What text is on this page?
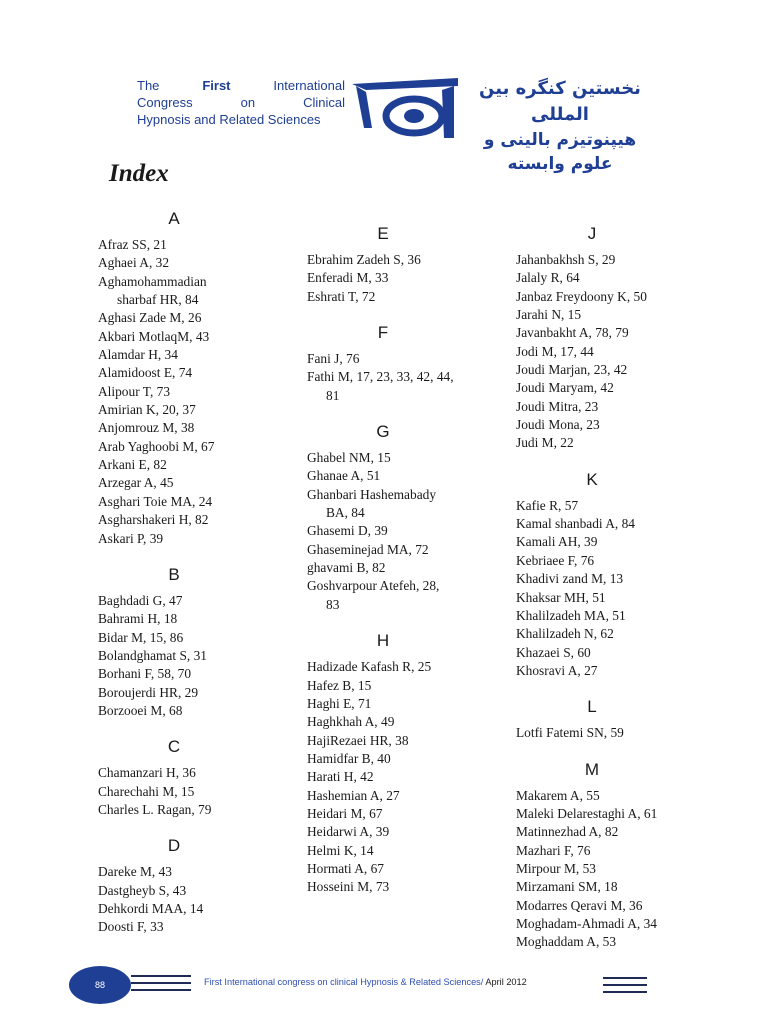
The	First	International
Congress	on	Clinical
Hypnosis and Related Sciences
نخستین کنگره بین المللی
هیپنوتیزم بالینی و علوم وابسته
Index
A
Afraz SS, 21
Aghaei A, 32
Aghamohammadian
sharbaf HR, 84
Aghasi Zade M, 26
Akbari MotlaqM, 43
Alamdar H, 34
Alamidoost E, 74
Alipour T, 73
Amirian K, 20, 37
Anjomrouz M, 38
Arab Yaghoobi M, 67
Arkani E, 82
Arzegar A, 45
Asghari Toie MA, 24
Asgharshakeri H, 82
Askari P, 39
B
Baghdadi G, 47
Bahrami H, 18
Bidar M, 15, 86
Bolandghamat S, 31
Borhani F, 58, 70
Boroujerdi HR, 29
Borzooei M, 68
C
Chamanzari H, 36
Charechahi M, 15
Charles L. Ragan, 79
D
Dareke M, 43
Dastgheyb S, 43
Dehkordi MAA, 14
Doosti F, 33
E
Ebrahim Zadeh S, 36
Enferadi M, 33
Eshrati T, 72
F
Fani J, 76
Fathi M, 17, 23, 33, 42, 44,
81
G
Ghabel NM, 15
Ghanae A, 51
Ghanbari Hashemabady
BA, 84
Ghasemi D, 39
Ghaseminejad MA, 72
ghavami B, 82
Goshvarpour Atefeh, 28,
83
H
Hadizade Kafash R, 25
Hafez B, 15
Haghi E, 71
Haghkhah A, 49
HajiRezaei HR, 38
Hamidfar B, 40
Harati H, 42
Hashemian A, 27
Heidari M, 67
Heidarwi A, 39
Helmi K, 14
Hormati A, 67
Hosseini M, 73
J
Jahanbakhsh S, 29
Jalaly R, 64
Janbaz Freydoony K, 50
Jarahi N, 15
Javanbakht A, 78, 79
Jodi M, 17, 44
Joudi Marjan, 23, 42
Joudi Maryam, 42
Joudi Mitra, 23
Joudi Mona, 23
Judi M, 22
K
Kafie R, 57
Kamal shanbadi A, 84
Kamali AH, 39
Kebriaee F, 76
Khadivi zand M, 13
Khaksar MH, 51
Khalilzadeh MA, 51
Khalilzadeh N, 62
Khazaei S, 60
Khosravi A, 27
L
Lotfi Fatemi SN, 59
M
Makarem A, 55
Maleki Delarestaghi A, 61
Matinnezhad A, 82
Mazhari F, 76
Mirpour M, 53
Mirzamani SM, 18
Modarres Qeravi M, 36
Moghadam-Ahmadi A, 34
Moghaddam A, 53
88	First International congress on clinical Hypnosis & Related Sciences/ April 2012
